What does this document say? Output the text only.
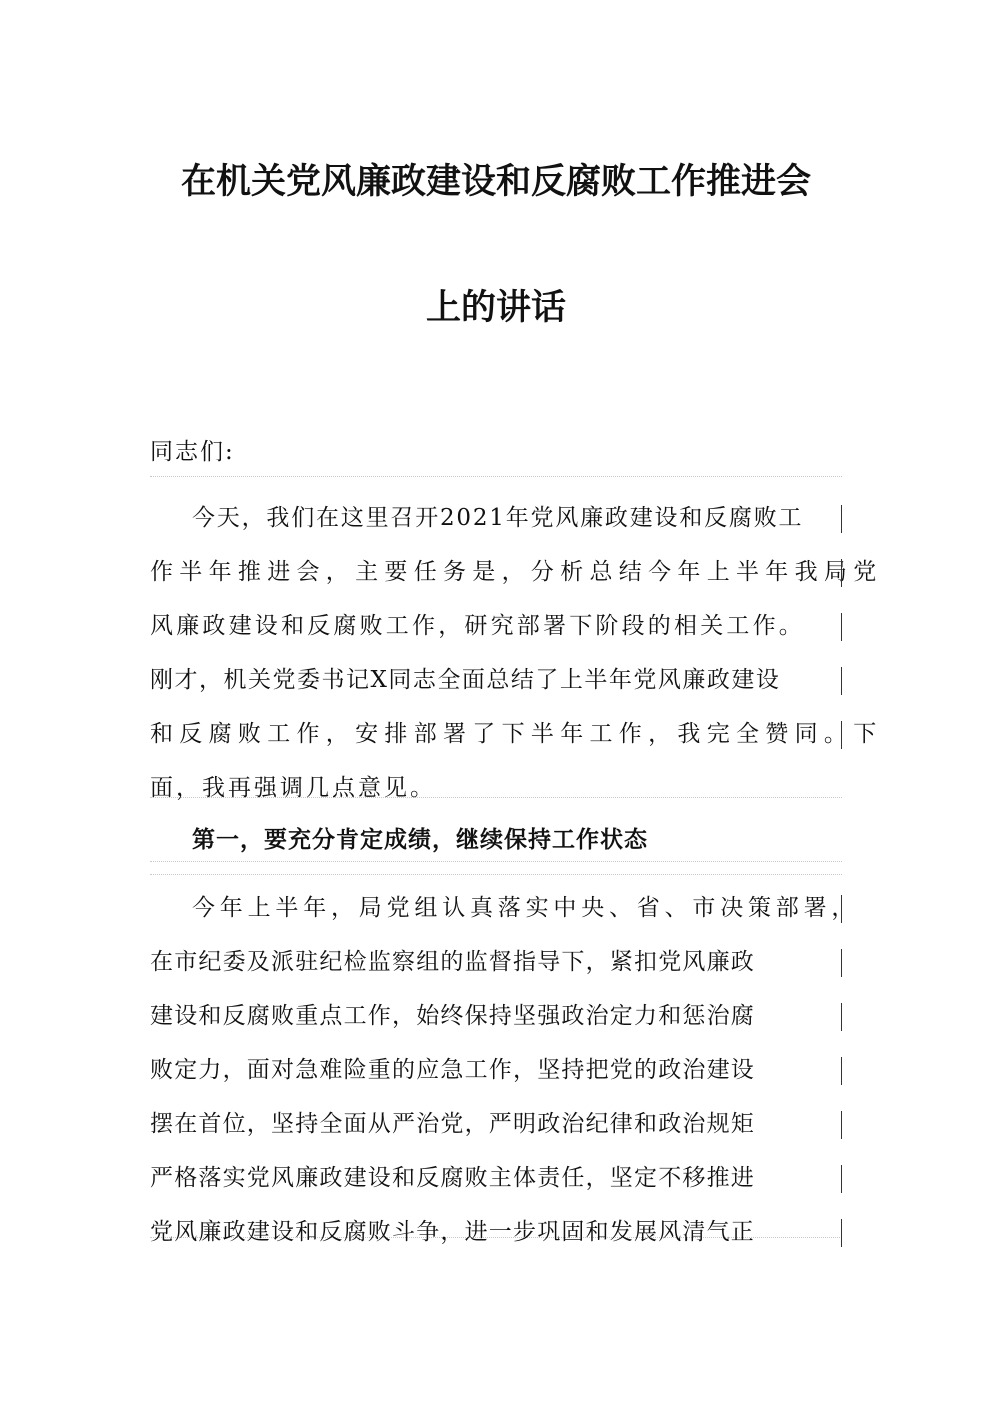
在机关党风廉政建设和反腐败工作推进会
上的讲话
同志们:
今天，我们在这里召开2021年党风廉政建设和反腐败工
作半年推进会，主要任务是，分析总结今年上半年我局党
风廉政建设和反腐败工作，研究部署下阶段的相关工作。
刚才，机关党委书记X同志全面总结了上半年党风廉政建设
和反腐败工作，安排部署了下半年工作，我完全赞同。下
面，我再强调几点意见。
第一，要充分肯定成绩，继续保持工作状态
今年上半年，局党组认真落实中央、省、市决策部署，
在市纪委及派驻纪检监察组的监督指导下，紧扣党风廉政
建设和反腐败重点工作，始终保持坚强政治定力和惩治腐
败定力，面对急难险重的应急工作，坚持把党的政治建设
摆在首位，坚持全面从严治党，严明政治纪律和政治规矩
严格落实党风廉政建设和反腐败主体责任，坚定不移推进
党风廉政建设和反腐败斗争，进一步巩固和发展风清气正
